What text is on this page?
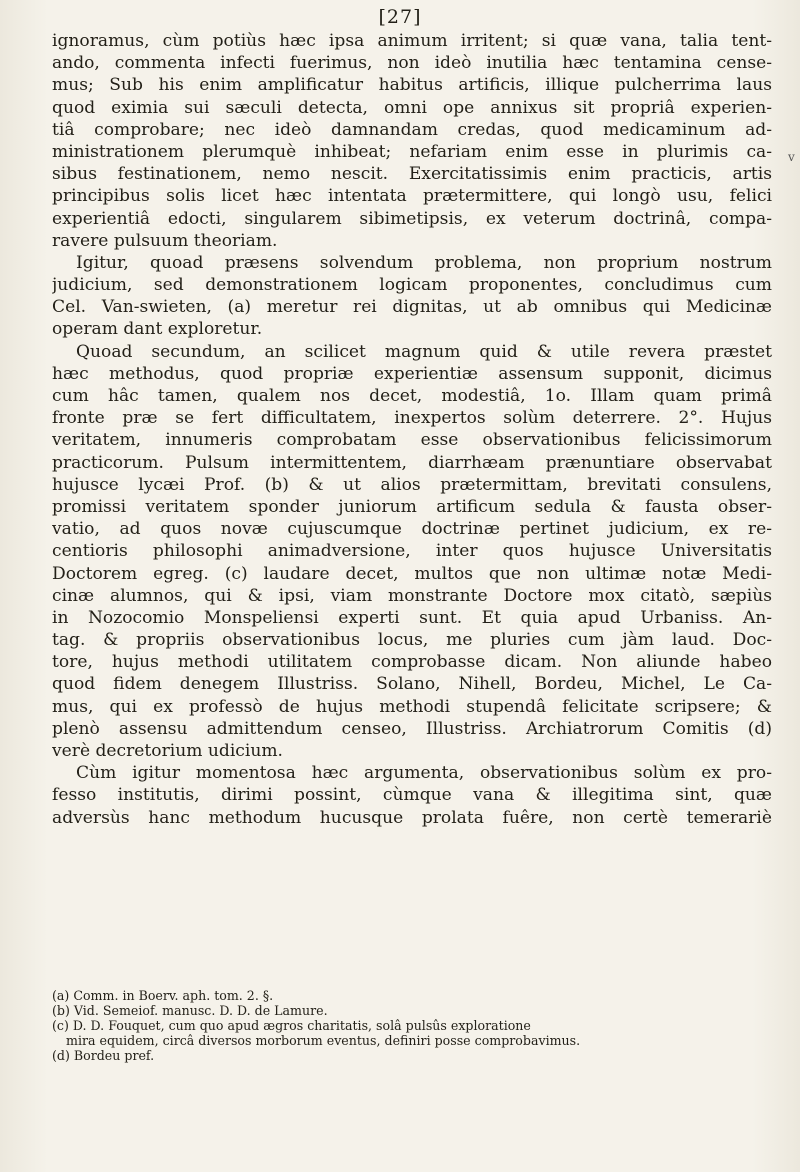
[27]
v
ignoramus, cùm potiùs hæc ipsa animum irritent; si quæ vana, talia tent-
ando, commenta infecti fuerimus, non ideò inutilia hæc tentamina cense-
mus; Sub his enim amplificatur habitus artificis, illique pulcherrima laus
quod eximia sui sæculi detecta, omni ope annixus sit propriâ experien-
tiâ comprobare; nec ideò damnandam credas, quod medicaminum ad-
ministrationem plerumquè inhibeat; nefariam enim esse in plurimis ca-
sibus festinationem, nemo nescit. Exercitatissimis enim practicis, artis
principibus solis licet hæc intentata prætermittere, qui longò usu, felici
experientiâ edocti, singularem sibimetipsis, ex veterum doctrinâ, compa-
ravere pulsuum theoriam.
Igitur, quoad præsens solvendum problema, non proprium nostrum
judicium, sed demonstrationem logicam proponentes, concludimus cum
Cel. Van-swieten, (a) meretur rei dignitas, ut ab omnibus qui Medicinæ
operam dant exploretur.
Quoad secundum, an scilicet magnum quid & utile revera præstet
hæc methodus, quod propriæ experientiæ assensum supponit, dicimus
cum hâc tamen, qualem nos decet, modestiâ, 1o. Illam quam primâ
fronte præ se fert difficultatem, inexpertos solùm deterrere. 2°. Hujus
veritatem, innumeris comprobatam esse observationibus felicissimorum
practicorum. Pulsum intermittentem, diarrhæam prænuntiare observabat
hujusce lycæi Prof. (b) & ut alios prætermittam, brevitati consulens,
promissi veritatem sponder juniorum artificum sedula & fausta obser-
vatio, ad quos novæ cujuscumque doctrinæ pertinet judicium, ex re-
centioris philosophi animadversione, inter quos hujusce Universitatis
Doctorem egreg. (c) laudare decet, multos que non ultimæ notæ Medi-
cinæ alumnos, qui & ipsi, viam monstrante Doctore mox citatò, sæpiùs
in Nozocomio Monspeliensi experti sunt. Et quia apud Urbaniss. An-
tag. & propriis observationibus locus, me pluries cum jàm laud. Doc-
tore, hujus methodi utilitatem comprobasse dicam. Non aliunde habeo
quod fidem denegem Illustriss. Solano, Nihell, Bordeu, Michel, Le Ca-
mus, qui ex professò de hujus methodi stupendâ felicitate scripsere; &
plenò assensu admittendum censeo, Illustriss. Archiatrorum Comitis (d)
verè decretorium udicium.
Cùm igitur momentosa hæc argumenta, observationibus solùm ex pro-
fesso institutis, dirimi possint, cùmque vana & illegitima sint, quæ
adversùs hanc methodum hucusque prolata fuêre, non certè temerariè
(a) Comm. in Boerv. aph. tom. 2. §.
(b) Vid. Semeiof. manusc. D. D. de Lamure.
(c) D. D. Fouquet, cum quo apud ægros charitatis, solâ pulsûs exploratione
mira equidem, circâ diversos morborum eventus, definiri posse comprobavimus.
(d) Bordeu pref.
